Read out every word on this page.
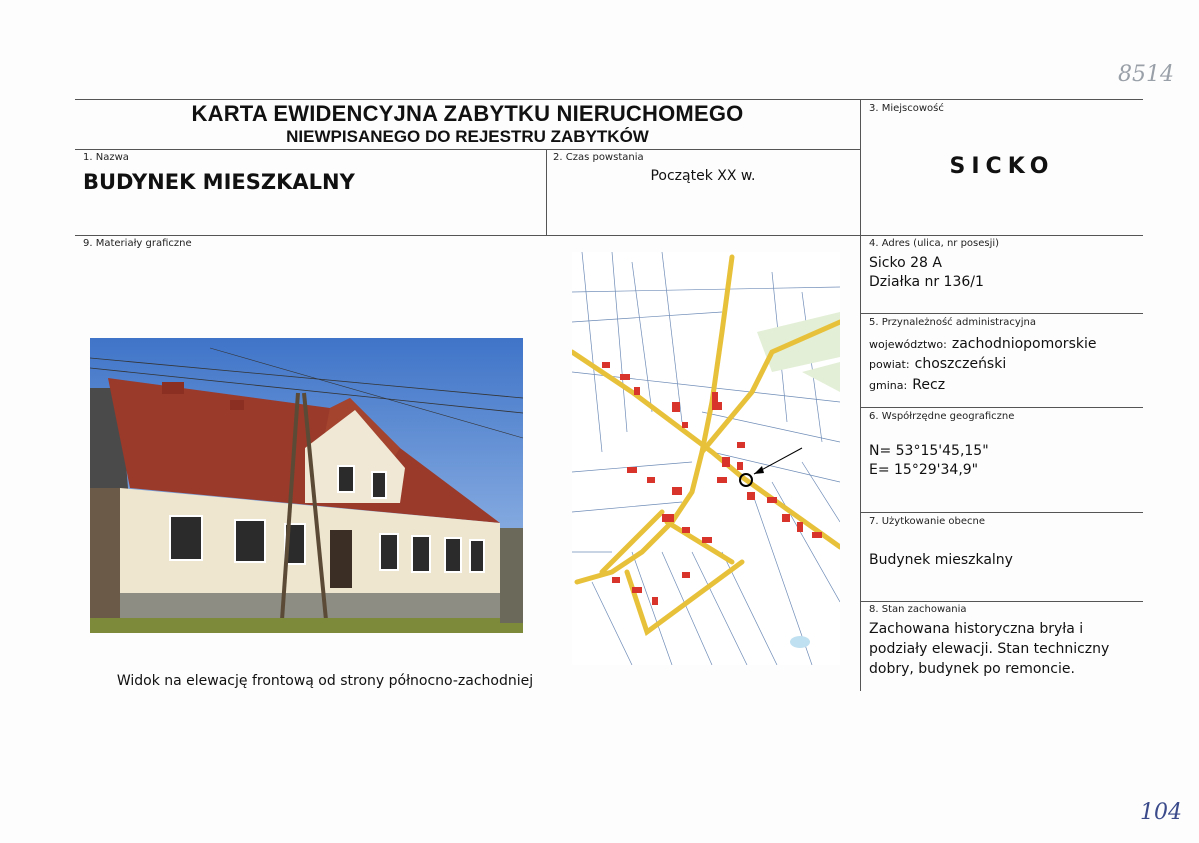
8514
104
KARTA EWIDENCYJNA ZABYTKU NIERUCHOMEGO
NIEWPISANEGO DO REJESTRU ZABYTKÓW
1. Nazwa
BUDYNEK MIESZKALNY
2. Czas powstania
Początek XX w.
3. Miejscowość
SICKO
4. Adres (ulica, nr posesji)
Sicko 28 A
Działka nr 136/1
5. Przynależność administracyjna
województwo: zachodniopomorskie
powiat: choszczeński
gmina: Recz
6. Współrzędne geograficzne
N= 53°15'45,15"
E= 15°29'34,9"
7. Użytkowanie obecne
Budynek mieszkalny
8. Stan zachowania
Zachowana historyczna bryła i
podziały elewacji. Stan techniczny
dobry, budynek po remoncie.
9. Materiały graficzne
Widok na elewację frontową od strony północno-zachodniej
